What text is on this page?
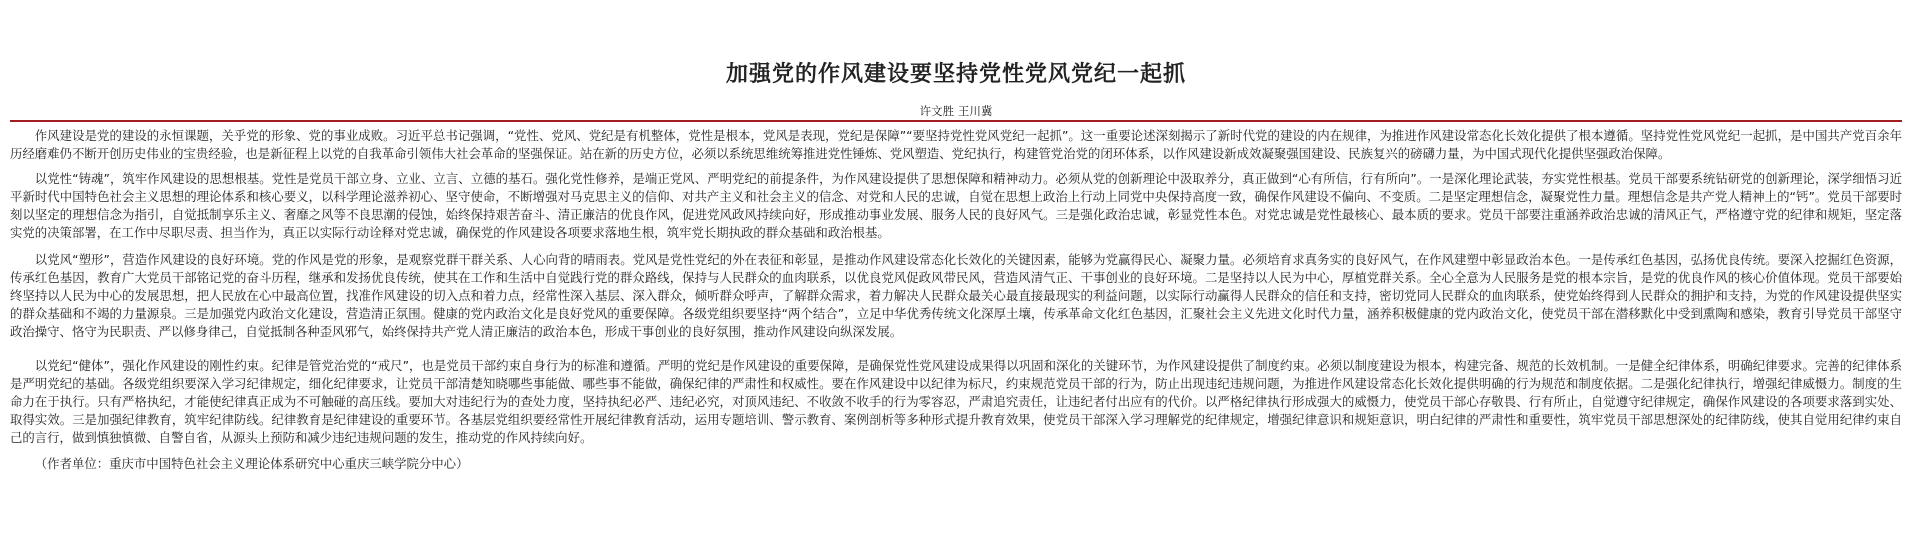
加强党的作风建设要坚持党性党风党纪一起抓
许文胜 王川冀

作风建设是党的建设的永恒课题，关乎党的形象、党的事业成败。习近平总书记强调，“党性、党风、党纪是有机整体，党性是根本，党风是表现，党纪是保障”“要坚持党性党风党纪一起抓”。这一重要论述深刻揭示了新时代党的建设的内在规律，为推进作风建设常态化长效化提供了根本遵循。坚持党性党风党纪一起抓，是中国共产党百余年历经磨难仍不断开创历史伟业的宝贵经验，也是新征程上以党的自我革命引领伟大社会革命的坚强保证。站在新的历史方位，必须以系统思维统筹推进党性锤炼、党风塑造、党纪执行，构建管党治党的闭环体系，以作风建设新成效凝聚强国建设、民族复兴的磅礴力量，为中国式现代化提供坚强政治保障。

以党性“铸魂”，筑牢作风建设的思想根基。党性是党员干部立身、立业、立言、立德的基石。强化党性修养，是端正党风、严明党纪的前提条件，为作风建设提供了思想保障和精神动力。必须从党的创新理论中汲取养分，真正做到“心有所信，行有所向”。一是深化理论武装，夯实党性根基。党员干部要系统钻研党的创新理论，深学细悟习近平新时代中国特色社会主义思想的理论体系和核心要义，以科学理论滋养初心、坚守使命，不断增强对马克思主义的信仰、对共产主义和社会主义的信念、对党和人民的忠诚，自觉在思想上政治上行动上同党中央保持高度一致，确保作风建设不偏向、不变质。二是坚定理想信念，凝聚党性力量。理想信念是共产党人精神上的“钙”。党员干部要时刻以坚定的理想信念为指引，自觉抵制享乐主义、奢靡之风等不良思潮的侵蚀，始终保持艰苦奋斗、清正廉洁的优良作风，促进党风政风持续向好，形成推动事业发展、服务人民的良好风气。三是强化政治忠诚，彰显党性本色。对党忠诚是党性最核心、最本质的要求。党员干部要注重涵养政治忠诚的清风正气，严格遵守党的纪律和规矩，坚定落实党的决策部署，在工作中尽职尽责、担当作为，真正以实际行动诠释对党忠诚，确保党的作风建设各项要求落地生根，筑牢党长期执政的群众基础和政治根基。

以党风“塑形”，营造作风建设的良好环境。党的作风是党的形象，是观察党群干群关系、人心向背的晴雨表。党风是党性党纪的外在表征和彰显，是推动作风建设常态化长效化的关键因素，能够为党赢得民心、凝聚力量。必须培育求真务实的良好风气，在作风建塑中彰显政治本色。一是传承红色基因，弘扬优良传统。要深入挖掘红色资源，传承红色基因，教育广大党员干部铭记党的奋斗历程，继承和发扬优良传统，使其在工作和生活中自觉践行党的群众路线，保持与人民群众的血肉联系，以优良党风促政风带民风，营造风清气正、干事创业的良好环境。二是坚持以人民为中心，厚植党群关系。全心全意为人民服务是党的根本宗旨，是党的优良作风的核心价值体现。党员干部要始终坚持以人民为中心的发展思想，把人民放在心中最高位置，找准作风建设的切入点和着力点，经常性深入基层、深入群众，倾听群众呼声，了解群众需求，着力解决人民群众最关心最直接最现实的利益问题，以实际行动赢得人民群众的信任和支持，密切党同人民群众的血肉联系，使党始终得到人民群众的拥护和支持，为党的作风建设提供坚实的群众基础和不竭的力量源泉。三是加强党内政治文化建设，营造清正氛围。健康的党内政治文化是良好党风的重要保障。各级党组织要坚持“两个结合”，立足中华优秀传统文化深厚土壤，传承革命文化红色基因，汇聚社会主义先进文化时代力量，涵养积极健康的党内政治文化，使党员干部在潜移默化中受到熏陶和感染，教育引导党员干部坚守政治操守、恪守为民职责、严以修身律己，自觉抵制各种歪风邪气，始终保持共产党人清正廉洁的政治本色，形成干事创业的良好氛围，推动作风建设向纵深发展。

以党纪“健体”，强化作风建设的刚性约束。纪律是管党治党的“戒尺”，也是党员干部约束自身行为的标准和遵循。严明的党纪是作风建设的重要保障，是确保党性党风建设成果得以巩固和深化的关键环节，为作风建设提供了制度约束。必须以制度建设为根本，构建完备、规范的长效机制。一是健全纪律体系，明确纪律要求。完善的纪律体系是严明党纪的基础。各级党组织要深入学习纪律规定，细化纪律要求，让党员干部清楚知晓哪些事能做、哪些事不能做，确保纪律的严肃性和权威性。要在作风建设中以纪律为标尺，约束规范党员干部的行为，防止出现违纪违规问题，为推进作风建设常态化长效化提供明确的行为规范和制度依据。二是强化纪律执行，增强纪律威慑力。制度的生命力在于执行。只有严格执纪，才能使纪律真正成为不可触碰的高压线。要加大对违纪行为的查处力度，坚持执纪必严、违纪必究，对顶风违纪、不收敛不收手的行为零容忍，严肃追究责任，让违纪者付出应有的代价。以严格纪律执行形成强大的威慑力，使党员干部心存敬畏、行有所止，自觉遵守纪律规定，确保作风建设的各项要求落到实处、取得实效。三是加强纪律教育，筑牢纪律防线。纪律教育是纪律建设的重要环节。各基层党组织要经常性开展纪律教育活动，运用专题培训、警示教育、案例剖析等多种形式提升教育效果，使党员干部深入学习理解党的纪律规定，增强纪律意识和规矩意识，明白纪律的严肃性和重要性，筑牢党员干部思想深处的纪律防线，使其自觉用纪律约束自己的言行，做到慎独慎微、自警自省，从源头上预防和减少违纪违规问题的发生，推动党的作风持续向好。

（作者单位：重庆市中国特色社会主义理论体系研究中心重庆三峡学院分中心）
